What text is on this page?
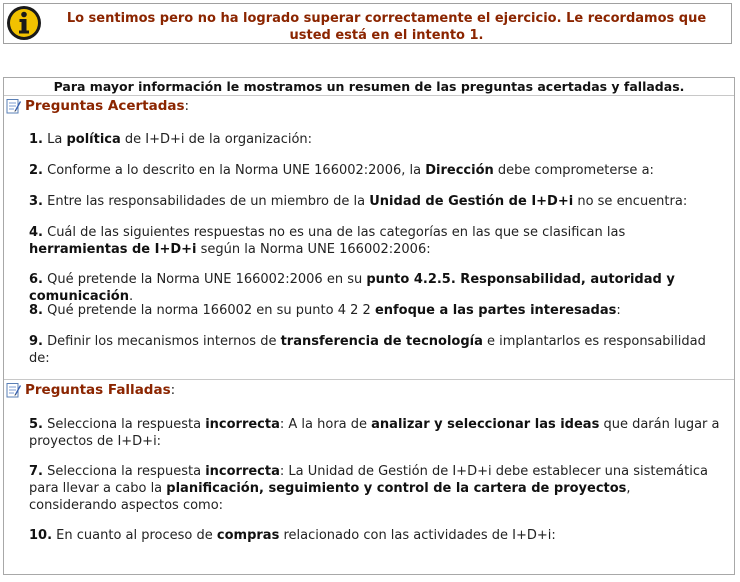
Lo sentimos pero no ha logrado superar correctamente el ejercicio. Le recordamos que usted está en el intento 1.
Para mayor información le mostramos un resumen de las preguntas acertadas y falladas.
Preguntas Acertadas :
1. La política de I+D+i de la organización:
2. Conforme a lo descrito en la Norma UNE 166002:2006, la Dirección debe comprometerse a:
3. Entre las responsabilidades de un miembro de la Unidad de Gestión de I+D+i no se encuentra:
4. Cuál de las siguientes respuestas no es una de las categorías en las que se clasifican las herramientas de I+D+i según la Norma UNE 166002:2006:
6. Qué pretende la Norma UNE 166002:2006 en su punto 4.2.5. Responsabilidad, autoridad y comunicación.
8. Qué pretende la norma 166002 en su punto 4 2 2 enfoque a las partes interesadas:
9. Definir los mecanismos internos de transferencia de tecnología e implantarlos es responsabilidad de:
Preguntas Falladas :
5. Selecciona la respuesta incorrecta: A la hora de analizar y seleccionar las ideas que darán lugar a proyectos de I+D+i:
7. Selecciona la respuesta incorrecta: La Unidad de Gestión de I+D+i debe establecer una sistemática para llevar a cabo la planificación, seguimiento y control de la cartera de proyectos, considerando aspectos como:
10. En cuanto al proceso de compras relacionado con las actividades de I+D+i:
